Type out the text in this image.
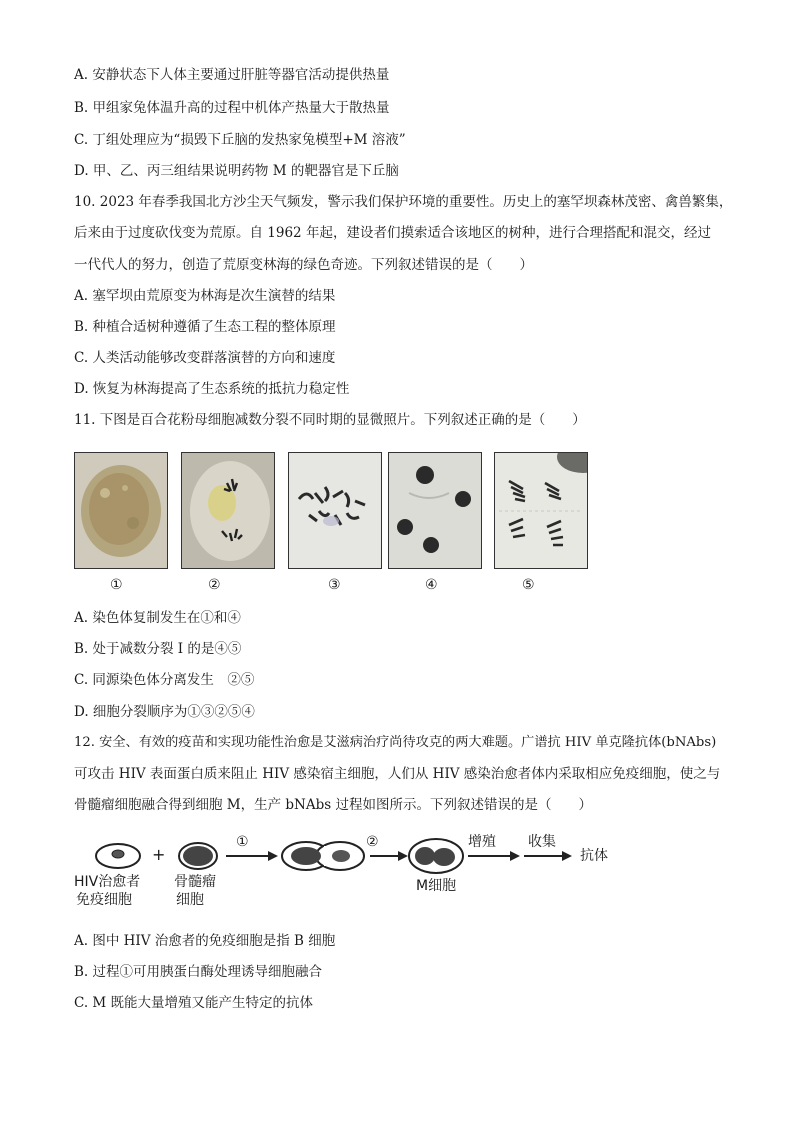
A. 安静状态下人体主要通过肝脏等器官活动提供热量
B. 甲组家兔体温升高的过程中机体产热量大于散热量
C. 丁组处理应为“损毁下丘脑的发热家兔模型+M 溶液”
D. 甲、乙、丙三组结果说明药物 M 的靶器官是下丘脑
10. 2023 年春季我国北方沙尘天气频发，警示我们保护环境的重要性。历史上的塞罕坝森林茂密、禽兽繁集，
后来由于过度砍伐变为荒原。自 1962 年起，建设者们摸索适合该地区的树种，进行合理搭配和混交，经过
一代代人的努力，创造了荒原变林海的绿色奇迹。下列叙述错误的是（　　）
A. 塞罕坝由荒原变为林海是次生演替的结果
B. 种植合适树种遵循了生态工程的整体原理
C. 人类活动能够改变群落演替的方向和速度
D. 恢复为林海提高了生态系统的抵抗力稳定性
11. 下图是百合花粉母细胞减数分裂不同时期的显微照片。下列叙述正确的是（　　）
①	②	③	④	⑤
A. 染色体复制发生在①和④
B. 处于减数分裂 I 的是④⑤
C. 同源染色体分离发生　②⑤
D. 细胞分裂顺序为①③②⑤④
12. 安全、有效的疫苗和实现功能性治愈是艾滋病治疗尚待攻克的两大难题。广谱抗 HIV 单克隆抗体(bNAbs)
可攻击 HIV 表面蛋白质来阻止 HIV 感染宿主细胞，人们从 HIV 感染治愈者体内采取相应免疫细胞，使之与
骨髓瘤细胞融合得到细胞 M，生产 bNAbs 过程如图所示。下列叙述错误的是（　　）
HIV治愈者
免疫细胞
+
骨髓瘤
细胞
①	②
M细胞
增殖 收集
抗体
A. 图中 HIV 治愈者的免疫细胞是指 B 细胞
B. 过程①可用胰蛋白酶处理诱导细胞融合
C. M 既能大量增殖又能产生特定的抗体
